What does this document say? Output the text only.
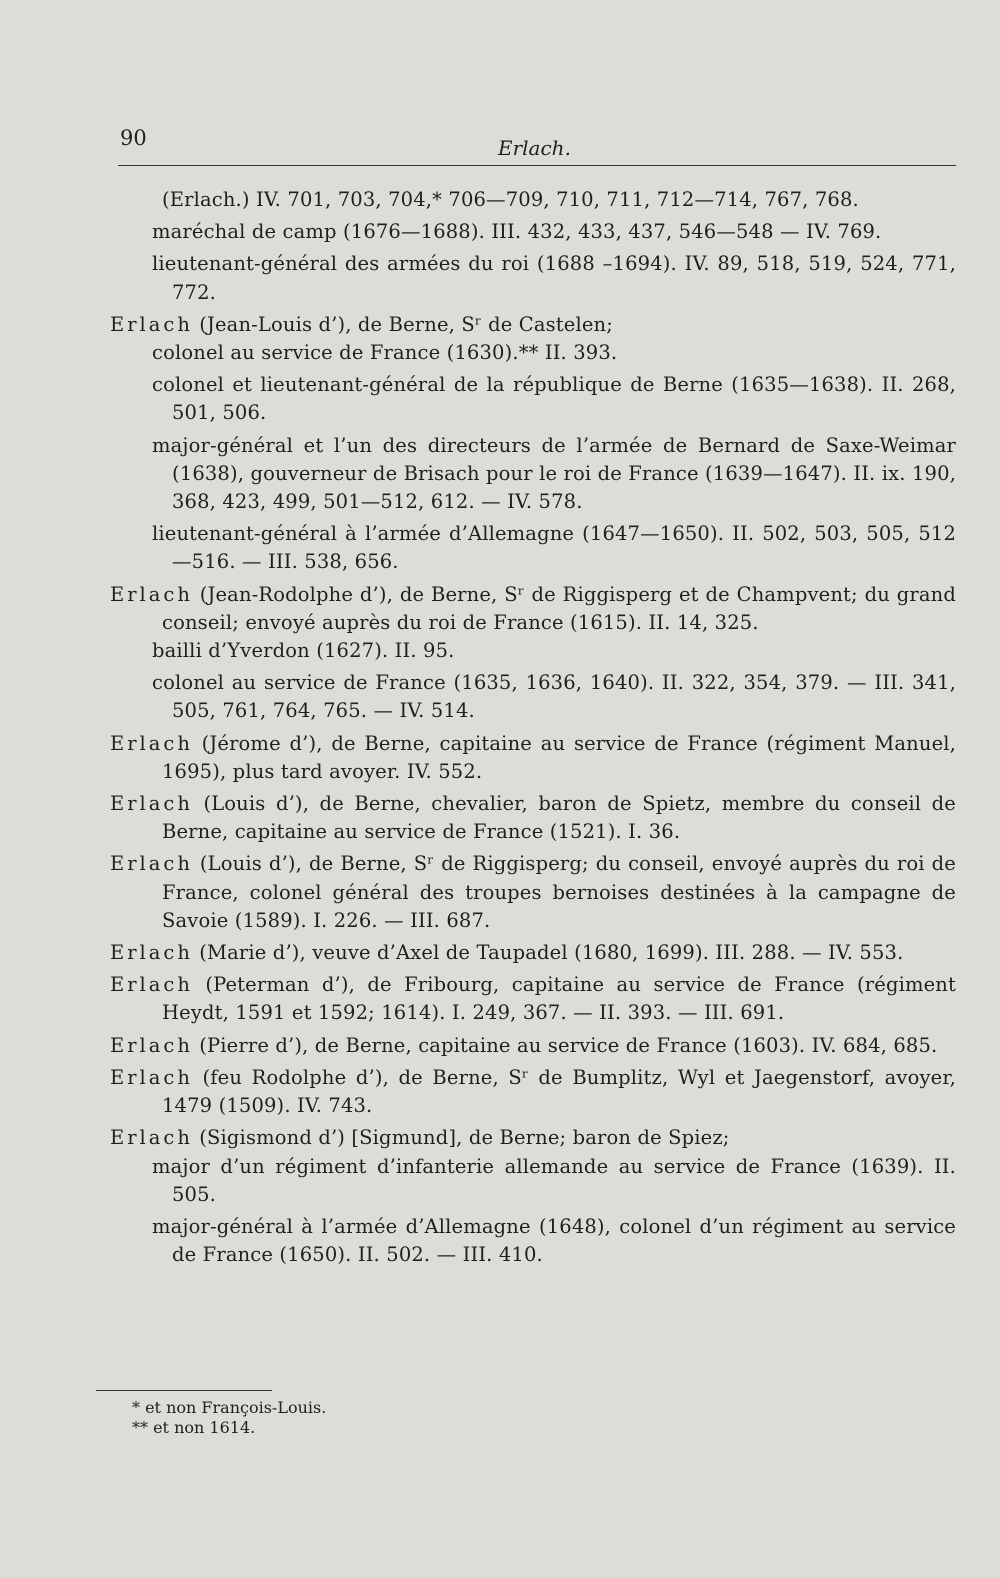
90	Erlach.
(Erlach.) IV. 701, 703, 704,* 706—709, 710, 711, 712—714, 767, 768.
maréchal de camp (1676—1688). III. 432, 433, 437, 546—548 — IV. 769.
lieutenant-général des armées du roi (1688 –1694). IV. 89, 518, 519, 524, 771, 772.
Erlach (Jean-Louis d’), de Berne, Sʳ de Castelen;
colonel au service de France (1630).** II. 393.
colonel et lieutenant-général de la république de Berne (1635—1638). II. 268, 501, 506.
major-général et l’un des directeurs de l’armée de Bernard de Saxe-Weimar (1638), gouverneur de Brisach pour le roi de France (1639—1647). II. ix. 190, 368, 423, 499, 501—512, 612. — IV. 578.
lieutenant-général à l’armée d’Allemagne (1647—1650). II. 502, 503, 505, 512—516. — III. 538, 656.
Erlach (Jean-Rodolphe d’), de Berne, Sʳ de Riggisperg et de Champvent; du grand conseil; envoyé auprès du roi de France (1615). II. 14, 325.
bailli d’Yverdon (1627). II. 95.
colonel au service de France (1635, 1636, 1640). II. 322, 354, 379. — III. 341, 505, 761, 764, 765. — IV. 514.
Erlach (Jérome d’), de Berne, capitaine au service de France (régiment Manuel, 1695), plus tard avoyer. IV. 552.
Erlach (Louis d’), de Berne, chevalier, baron de Spietz, membre du conseil de Berne, capitaine au service de France (1521). I. 36.
Erlach (Louis d’), de Berne, Sʳ de Riggisperg; du conseil, envoyé auprès du roi de France, colonel général des troupes bernoises destinées à la campagne de Savoie (1589). I. 226. — III. 687.
Erlach (Marie d’), veuve d’Axel de Taupadel (1680, 1699). III. 288. — IV. 553.
Erlach (Peterman d’), de Fribourg, capitaine au service de France (régiment Heydt, 1591 et 1592; 1614). I. 249, 367. — II. 393. — III. 691.
Erlach (Pierre d’), de Berne, capitaine au service de France (1603). IV. 684, 685.
Erlach (feu Rodolphe d’), de Berne, Sʳ de Bumplitz, Wyl et Jaegenstorf, avoyer, 1479 (1509). IV. 743.
Erlach (Sigismond d’) [Sigmund], de Berne; baron de Spiez;
major d’un régiment d’infanterie allemande au service de France (1639). II. 505.
major-général à l’armée d’Allemagne (1648), colonel d’un régiment au service de France (1650). II. 502. — III. 410.
* et non François-Louis.
** et non 1614.
